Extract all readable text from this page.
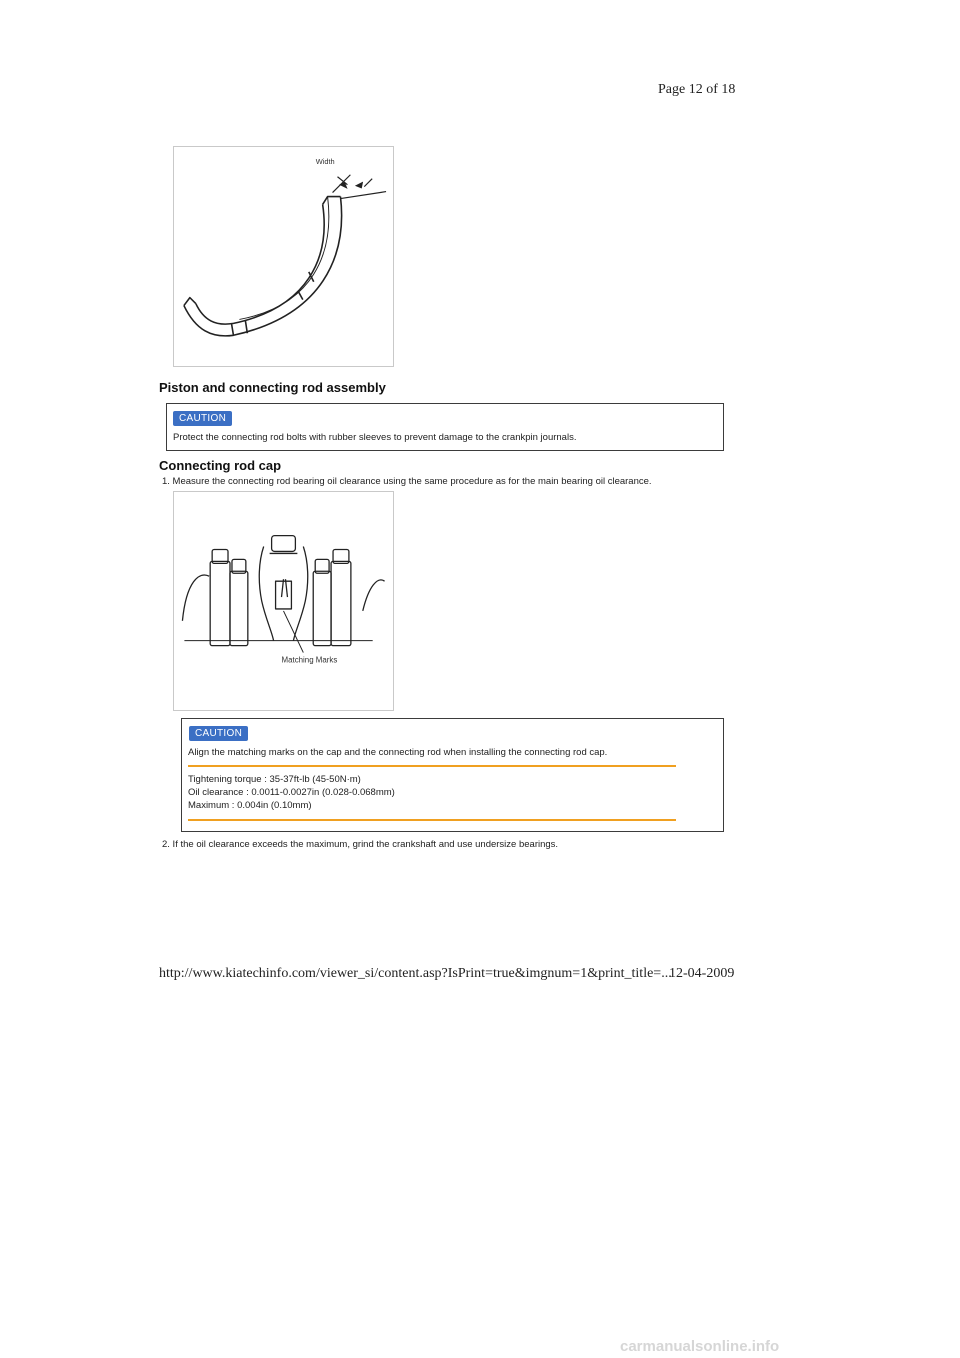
Page 12 of 18
Width
Piston and connecting rod assembly
CAUTION
Protect the connecting rod bolts with rubber sleeves to prevent damage to the crankpin journals.
Connecting rod cap
1. Measure the connecting rod bearing oil clearance using the same procedure as for the main bearing oil clearance.
Matching Marks
CAUTION
Align the matching marks on the cap and the connecting rod when installing the connecting rod cap.
Tightening torque : 35-37ft-lb (45-50N·m)
Oil clearance : 0.0011-0.0027in (0.028-0.068mm)
Maximum : 0.004in (0.10mm)
2. If the oil clearance exceeds the maximum, grind the crankshaft and use undersize bearings.
http://www.kiatechinfo.com/viewer_si/content.asp?IsPrint=true&imgnum=1&print_title=...
12-04-2009
carmanualsonline.info
